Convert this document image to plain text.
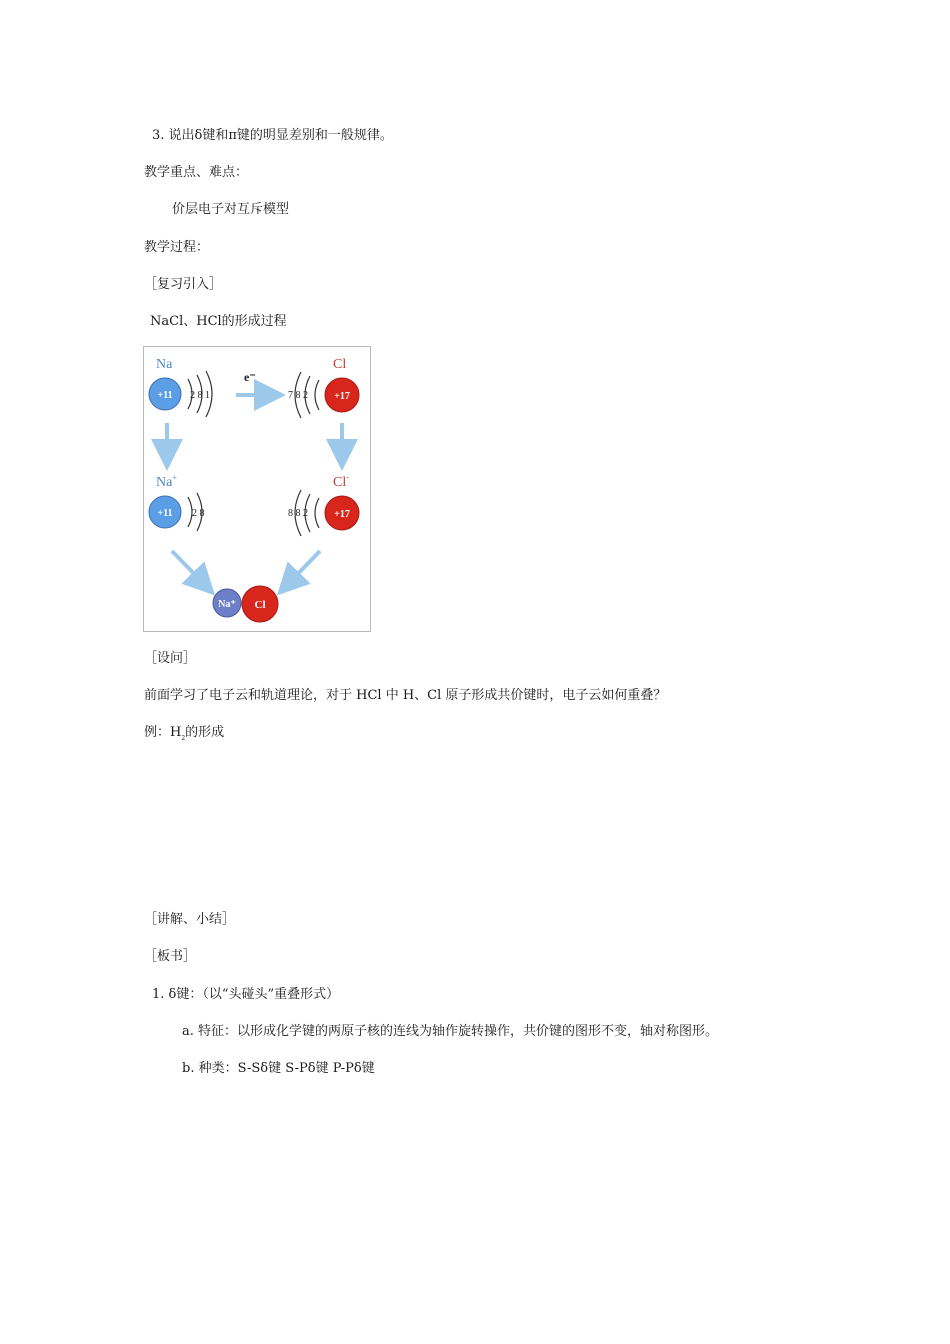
3. 说出δ键和π键的明显差别和一般规律。
教学重点、难点：
价层电子对互斥模型
教学过程：
［复习引入］
NaCl、HCl的形成过程
Na
+11 2 8 1
e⁻
Cl
+17
7 8 2
Na+
+11 2 8
Cl-
+17
8 8 2
Na⁺ Cl
［设问］
前面学习了电子云和轨道理论，对于 HCl 中 H、Cl 原子形成共价键时，电子云如何重叠？
例：$H_2$的形成
［讲解、小结］
［板书］
1. δ键：（以“头碰头”重叠形式）
a. 特征：以形成化学键的两原子核的连线为轴作旋转操作，共价键的图形不变，轴对称图形。
b. 种类：S-Sδ键 S-Pδ键 P-Pδ键
